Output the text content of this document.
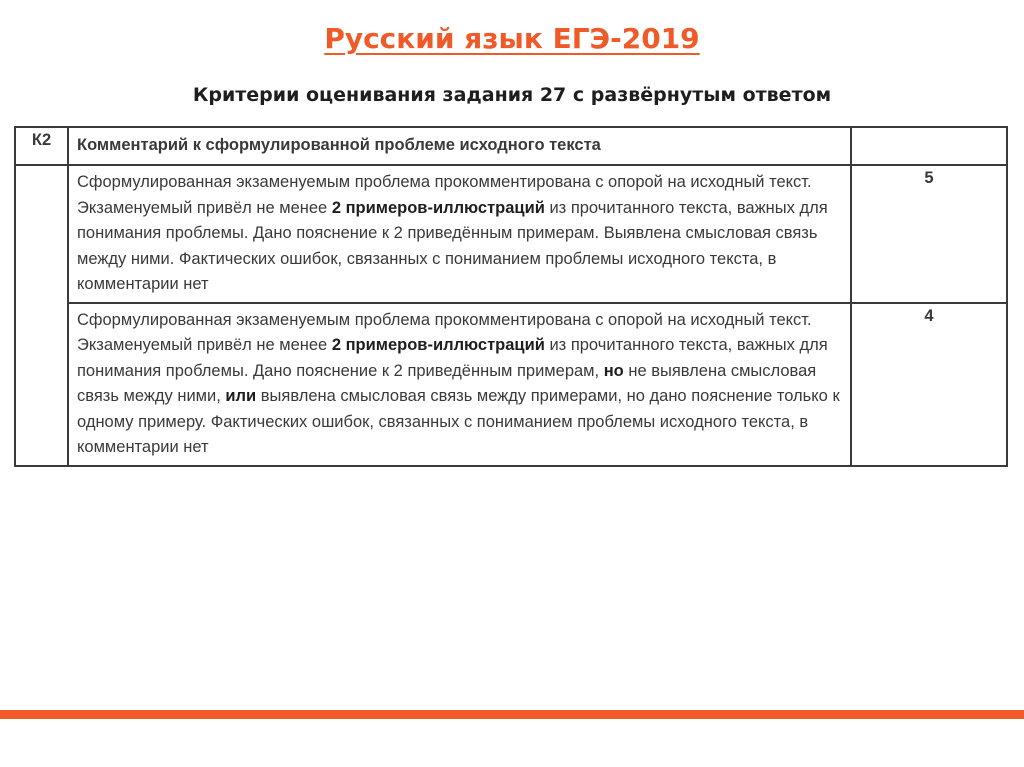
Русский язык ЕГЭ-2019
Критерии оценивания задания 27 с развёрнутым ответом
К2	Комментарий к сформулированной проблеме исходного текста	
	Сформулированная экзаменуемым проблема прокомментирована с опорой на исходный текст. Экзаменуемый привёл не менее 2 примеров-иллюстраций из прочитанного текста, важных для понимания проблемы. Дано пояснение к 2 приведённым примерам. Выявлена смысловая связь между ними. Фактических ошибок, связанных с пониманием проблемы исходного текста, в комментарии нет	5
	Сформулированная экзаменуемым проблема прокомментирована с опорой на исходный текст. Экзаменуемый привёл не менее 2 примеров-иллюстраций из прочитанного текста, важных для понимания проблемы. Дано пояснение к 2 приведённым примерам, но не выявлена смысловая связь между ними, или выявлена смысловая связь между примерами, но дано пояснение только к одному примеру. Фактических ошибок, связанных с пониманием проблемы исходного текста, в комментарии нет	4
